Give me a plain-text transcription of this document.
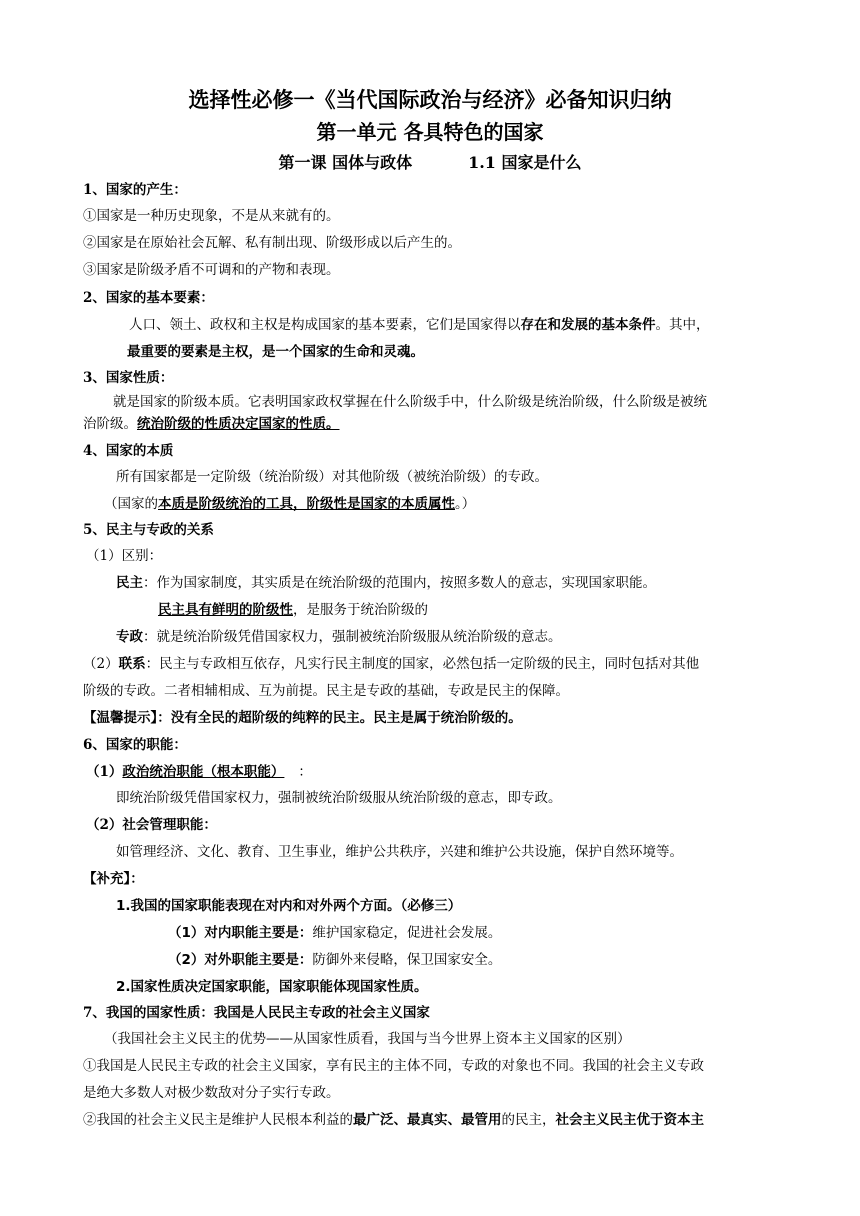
选择性必修一《当代国际政治与经济》必备知识归纳
第一单元 各具特色的国家
第一课 国体与政体	1.1 国家是什么
1、国家的产生：
①国家是一种历史现象，不是从来就有的。
②国家是在原始社会瓦解、私有制出现、阶级形成以后产生的。
③国家是阶级矛盾不可调和的产物和表现。
2、国家的基本要素：
人口、领土、政权和主权是构成国家的基本要素，它们是国家得以存在和发展的基本条件。其中，
最重要的要素是主权，是一个国家的生命和灵魂。
3、国家性质：
就是国家的阶级本质。它表明国家政权掌握在什么阶级手中，什么阶级是统治阶级，什么阶级是被统
治阶级。统治阶级的性质决定国家的性质。
4、国家的本质
所有国家都是一定阶级（统治阶级）对其他阶级（被统治阶级）的专政。
（国家的本质是阶级统治的工具，阶级性是国家的本质属性。）
5、民主与专政的关系
（1）区别：
民主：作为国家制度，其实质是在统治阶级的范围内，按照多数人的意志，实现国家职能。
民主具有鲜明的阶级性，是服务于统治阶级的
专政：就是统治阶级凭借国家权力，强制被统治阶级服从统治阶级的意志。
（2）联系：民主与专政相互依存，凡实行民主制度的国家，必然包括一定阶级的民主，同时包括对其他
阶级的专政。二者相辅相成、互为前提。民主是专政的基础，专政是民主的保障。
【温馨提示】：没有全民的超阶级的纯粹的民主。民主是属于统治阶级的。
6、国家的职能：
（1）政治统治职能（根本职能） ：
即统治阶级凭借国家权力，强制被统治阶级服从统治阶级的意志，即专政。
（2）社会管理职能：
如管理经济、文化、教育、卫生事业，维护公共秩序，兴建和维护公共设施，保护自然环境等。
【补充】：
1.我国的国家职能表现在对内和对外两个方面。（必修三）
（1）对内职能主要是：维护国家稳定，促进社会发展。
（2）对外职能主要是：防御外来侵略，保卫国家安全。
2.国家性质决定国家职能，国家职能体现国家性质。
7、我国的国家性质：我国是人民民主专政的社会主义国家
（我国社会主义民主的优势——从国家性质看，我国与当今世界上资本主义国家的区别）
①我国是人民民主专政的社会主义国家，享有民主的主体不同，专政的对象也不同。我国的社会主义专政
是绝大多数人对极少数敌对分子实行专政。
②我国的社会主义民主是维护人民根本利益的最广泛、最真实、最管用的民主，社会主义民主优于资本主
